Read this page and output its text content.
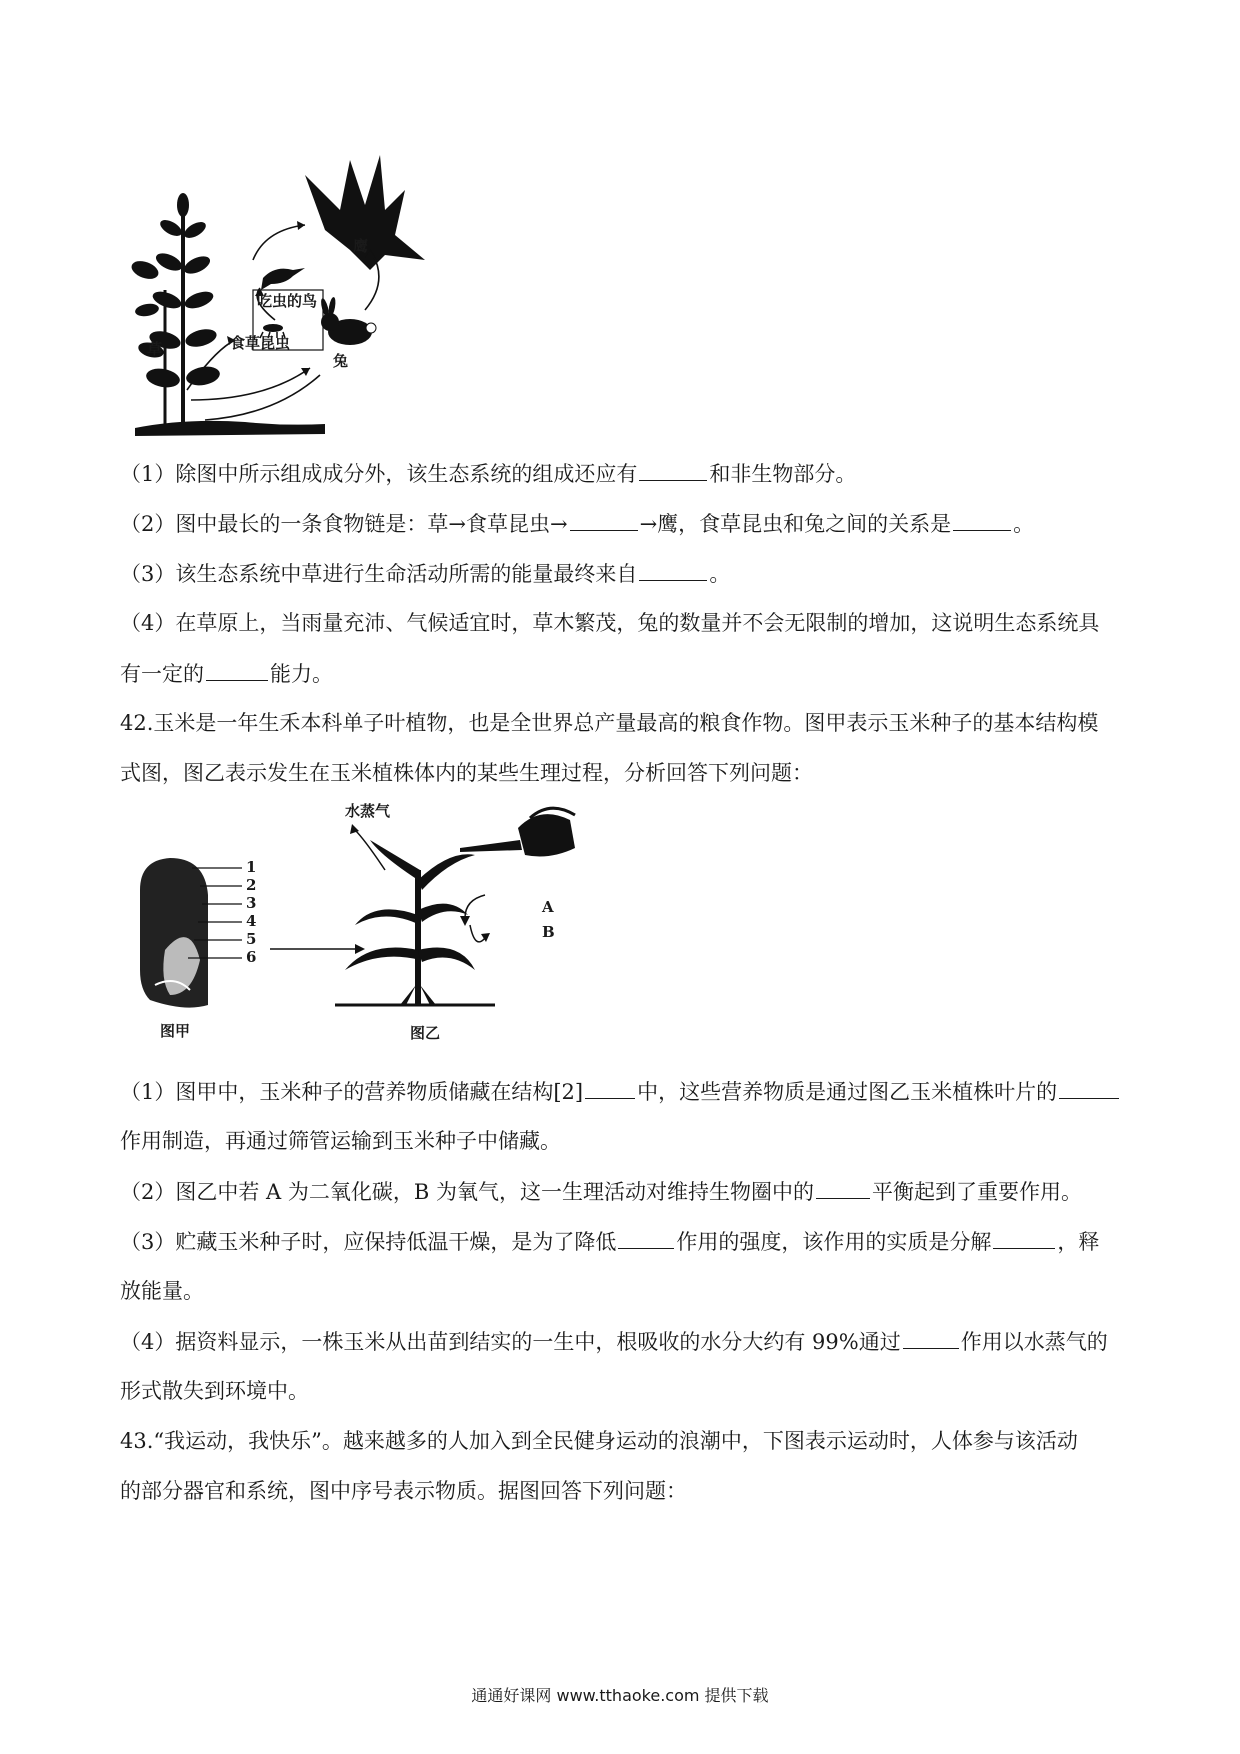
鹰
吃虫的鸟
草	食草昆虫
兔
（1）除图中所示组成成分外，该生态系统的组成还应有	和非生物部分。
（2）图中最长的一条食物链是：草→食草昆虫→	→鹰，食草昆虫和兔之间的关系是	。
（3）该生态系统中草进行生命活动所需的能量最终来自	。
（4）在草原上，当雨量充沛、气候适宜时，草木繁茂，兔的数量并不会无限制的增加，这说明生态系统具
有一定的	能力。
42.玉米是一年生禾本科单子叶植物，也是全世界总产量最高的粮食作物。图甲表示玉米种子的基本结构模
式图，图乙表示发生在玉米植株体内的某些生理过程，分析回答下列问题：
水蒸气
A
B
1
2
3
4
5
6
图甲	图乙
（1）图甲中，玉米种子的营养物质储藏在结构[2]	中，这些营养物质是通过图乙玉米植株叶片的
作用制造，再通过筛管运输到玉米种子中储藏。
（2）图乙中若 A 为二氧化碳，B 为氧气，这一生理活动对维持生物圈中的	平衡起到了重要作用。
（3）贮藏玉米种子时，应保持低温干燥，是为了降低	作用的强度，该作用的实质是分解	，释
放能量。
（4）据资料显示，一株玉米从出苗到结实的一生中，根吸收的水分大约有 99%通过	作用以水蒸气的
形式散失到环境中。
43.“我运动，我快乐”。越来越多的人加入到全民健身运动的浪潮中，下图表示运动时，人体参与该活动
的部分器官和系统，图中序号表示物质。据图回答下列问题：
通通好课网 www.tthaoke.com 提供下载
